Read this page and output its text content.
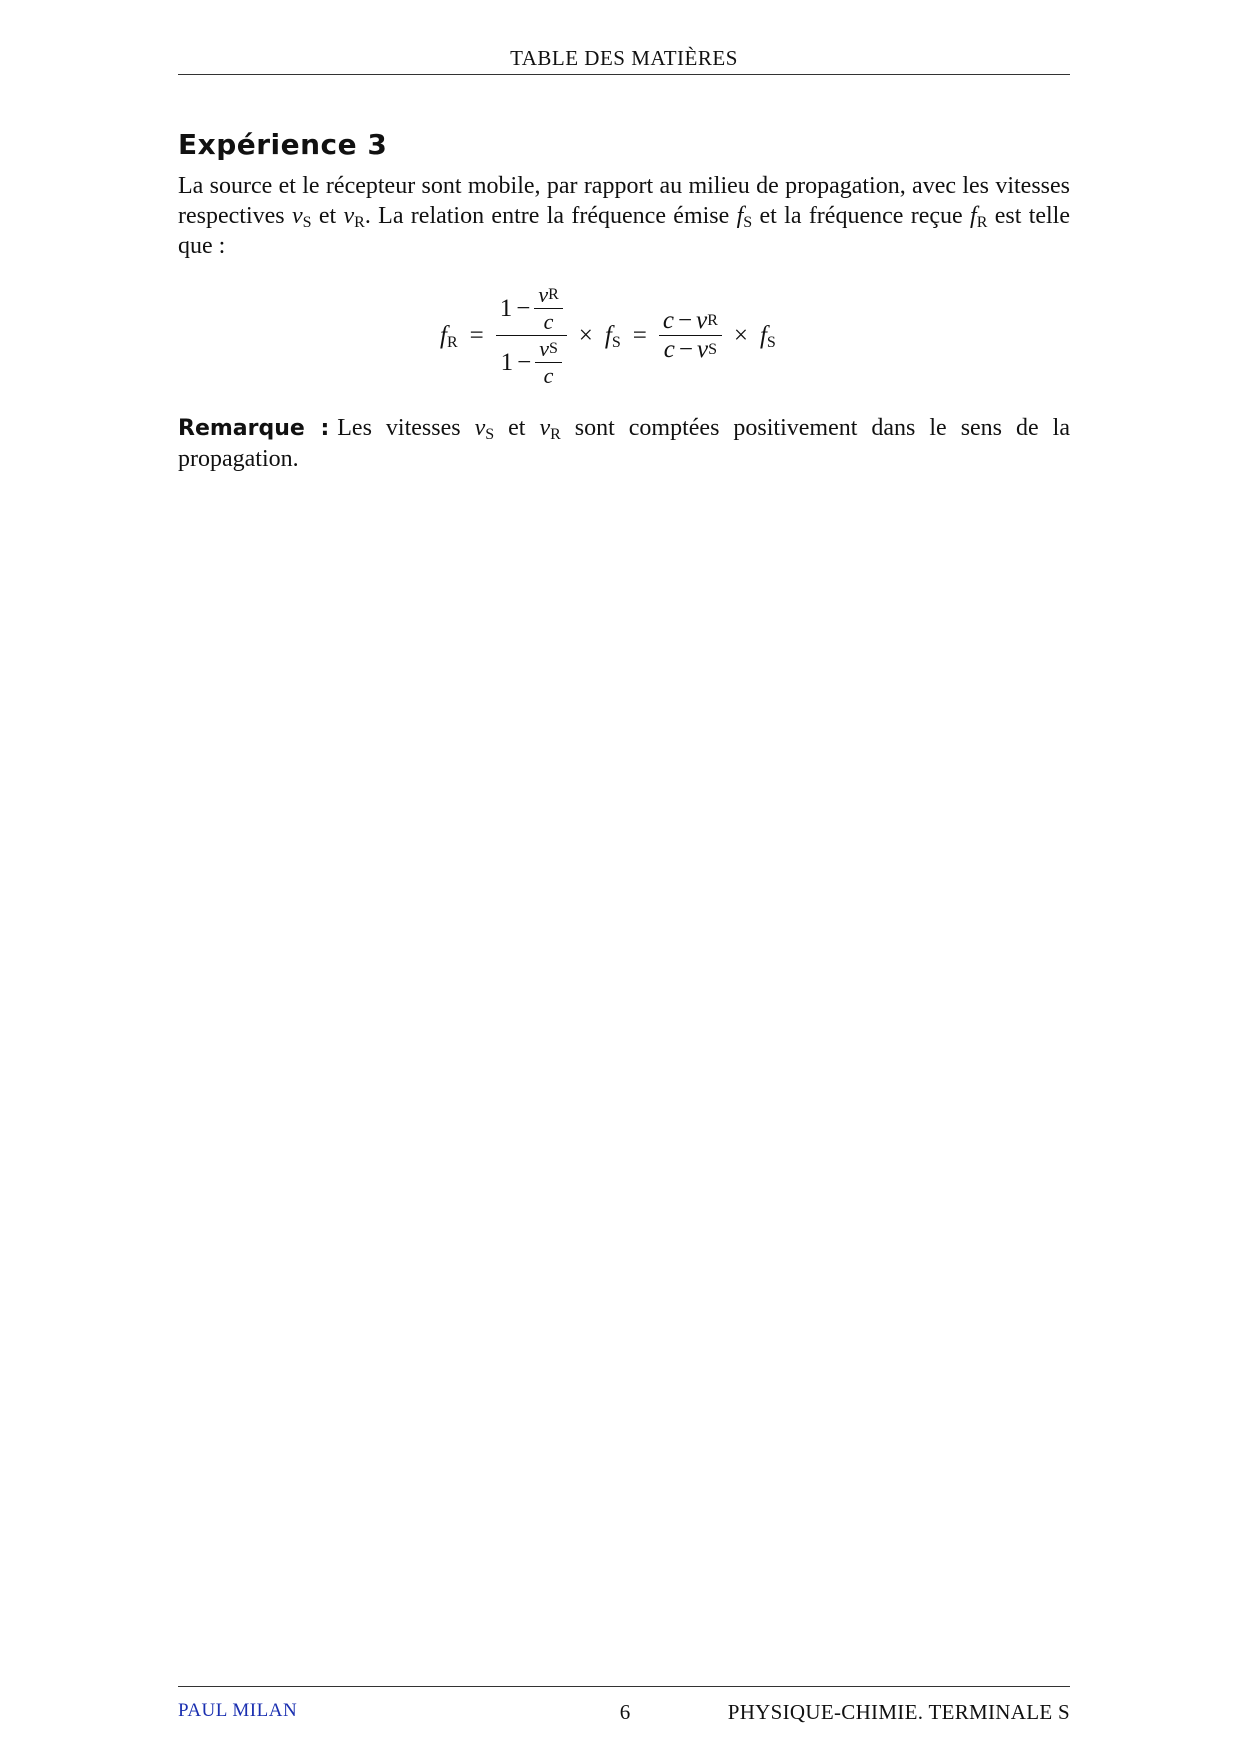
TABLE DES MATIÈRES
Expérience 3
La source et le récepteur sont mobile, par rapport au milieu de propagation, avec les vitesses respectives $v_S$ et $v_R$. La relation entre la fréquence émise $f_S$ et la fréquence reçue $f_R$ est telle que :
$f_R = \frac{1 - \frac{\text{v R}}{c}}{1 - \frac{\text{v S}}{c}} \times f_S = \frac{\text{c − v R}}{\text{c − v S}} \times f_S$
Remarque : Les vitesses $v_S$ et $v_R$ sont comptées positivement dans le sens de la propagation.
PAUL MILAN	6	PHYSIQUE-CHIMIE. TERMINALE S
